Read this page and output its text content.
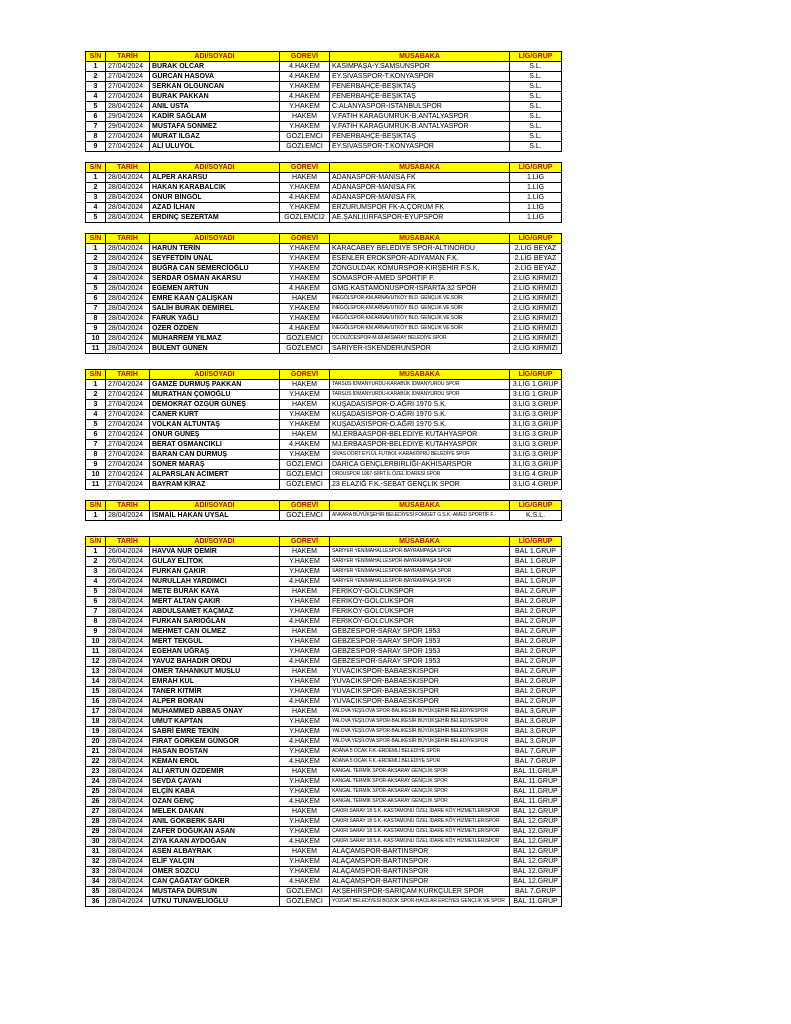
S/N	TARİH	ADI/SOYADI	GÖREVİ	MÜSABAKA	LİG/GRUP
1	27/04/2024	BURAK OLCAR	4.HAKEM	KASIMPAŞA-Y.SAMSUNSPOR	S.L.
2	27/04/2024	GÜRCAN HASOVA	4.HAKEM	EY.SİVASSPOR-T.KONYASPOR	S.L.
3	27/04/2024	SERKAN OLGUNCAN	Y.HAKEM	FENERBAHÇE-BEŞİKTAŞ	S.L.
4	27/04/2024	BURAK PAKKAN	4.HAKEM	FENERBAHÇE-BEŞİKTAŞ	S.L.
5	28/04/2024	ANIL USTA	Y.HAKEM	C.ALANYASPOR-İSTANBULSPOR	S.L.
6	29/04/2024	KADİR SAĞLAM	HAKEM	V.FATİH KARAGÜMRÜK-B.ANTALYASPOR	S.L.
7	29/04/2024	MUSTAFA SÖNMEZ	Y.HAKEM	V.FATİH KARAGÜMRÜK-B.ANTALYASPOR	S.L.
8	27/04/2024	MURAT ILGAZ	GÖZLEMCİ	FENERBAHÇE-BEŞİKTAŞ	S.L.
9	27/04/2024	ALİ ULUYOL	GÖZLEMCİ	EY.SİVASSPOR-T.KONYASPOR	S.L.
S/N	TARİH	ADI/SOYADI	GÖREVİ	MÜSABAKA	LİG/GRUP
1	28/04/2024	ALPER AKARSU	HAKEM	ADANASPOR-MANİSA FK	1.LİG
2	28/04/2024	HAKAN KARABALCIK	Y.HAKEM	ADANASPOR-MANİSA FK	1.LİG
3	28/04/2024	ONUR BİNGÖL	4.HAKEM	ADANASPOR-MANİSA FK	1.LİG
4	28/04/2024	AZAD İLHAN	Y.HAKEM	ERZURUMSPOR FK-A.ÇORUM FK	1.LİG
5	28/04/2024	ERDİNÇ SEZERTAM	GÖZLEMCİ2	AE.ŞANLIURFASPOR-EYÜPSPOR	1.LİG
S/N	TARİH	ADI/SOYADI	GÖREVİ	MÜSABAKA	LİG/GRUP
1	28/04/2024	HARUN TERİN	Y.HAKEM	KARACABEY BELEDİYE SPOR-ALTINORDU	2.LİG BEYAZ
2	28/04/2024	SEYFETDİN ÜNAL	Y.HAKEM	ESENLER EROKSPOR-ADIYAMAN F.K.	2.LİG BEYAZ
3	28/04/2024	BUĞRA CAN SEMERCİOĞLU	Y.HAKEM	ZONGULDAK KÖMÜRSPOR-KIRŞEHİR F.S.K.	2.LİG BEYAZ
4	28/04/2024	SERDAR OSMAN AKARSU	Y.HAKEM	SOMASPOR-AMED SPORTİF F.	2.LİG KIRMIZI
5	28/04/2024	EGEMEN ARTUN	4.HAKEM	GMG.KASTAMONUSPOR-ISPARTA 32 SPOR	2.LİG KIRMIZI
6	28/04/2024	EMRE KAAN ÇALIŞKAN	HAKEM	İNEGÖLSPOR-KM.ARNAVUTKÖY BLD. GENÇLİK VE SOİR	2.LİG KIRMIZI
7	28/04/2024	SALİH BURAK DEMİREL	Y.HAKEM	İNEGÖLSPOR-KM.ARNAVUTKÖY BLD. GENÇLİK VE SOİR	2.LİG KIRMIZI
8	28/04/2024	FARUK YAĞLI	Y.HAKEM	İNEGÖLSPOR-KM.ARNAVUTKÖY BLD. GENÇLİK VE SOİR	2.LİG KIRMIZI
9	28/04/2024	ÖZER ÖZDEN	4.HAKEM	İNEGÖLSPOR-KM.ARNAVUTKÖY BLD. GENÇLİK VE SOİR	2.LİG KIRMIZI
10	28/04/2024	MUHARREM YILMAZ	GÖZLEMCİ	DC.DÜZCESPOR-M.68 AKSARAY BELEDİYE SPOR	2.LİG KIRMIZI
11	28/04/2024	BÜLENT GÜNEN	GÖZLEMCİ	SARIYER-İSKENDERUNSPOR	2.LİG KIRMIZI
S/N	TARİH	ADI/SOYADI	GÖREVİ	MÜSABAKA	LİG/GRUP
1	27/04/2024	GAMZE DURMUŞ PAKKAN	HAKEM	TARSUS İDMANYURDU-KARABÜK İDMANYURDU SPOR	3.LİG 1.GRUP
2	27/04/2024	MURATHAN ÇOMOĞLU	Y.HAKEM	TARSUS İDMANYURDU-KARABÜK İDMANYURDU SPOR	3.LİG 1.GRUP
3	27/04/2024	DEMOKRAT ÖZGÜR GÜNEŞ	HAKEM	KUŞADASISPOR-O.AĞRI 1970 S.K.	3.LİG 3.GRUP
4	27/04/2024	CANER KURT	Y.HAKEM	KUŞADASISPOR-O.AĞRI 1970 S.K.	3.LİG 3.GRUP
5	27/04/2024	VOLKAN ALTUNTAŞ	Y.HAKEM	KUŞADASISPOR-O.AĞRI 1970 S.K.	3.LİG 3.GRUP
6	27/04/2024	ONUR GÜNEŞ	HAKEM	MJ.ERBAASPOR-BELEDİYE KÜTAHYASPOR	3.LİG 3.GRUP
7	27/04/2024	BERAT OSMANCIKLI	4.HAKEM	MJ.ERBAASPOR-BELEDİYE KÜTAHYASPOR	3.LİG 3.GRUP
8	27/04/2024	BARAN CAN DURMUŞ	Y.HAKEM	SİVAS DÖRT EYLÜL FUTBOL-KARAKÖPRÜ BELEDİYE SPOR	3.LİG 3.GRUP
9	27/04/2024	SONER MARAŞ	GÖZLEMCİ	DARICA GENÇLERBİRLİĞİ-AKHİSARSPOR	3.LİG 3.GRUP
10	27/04/2024	ALPARSLAN ACIMERT	GÖZLEMCİ	ORDUSPOR 1967-SİİRT İL ÖZEL İDARESİ SPOR	3.LİG 4.GRUP
11	27/04/2024	BAYRAM KİRAZ	GÖZLEMCİ	23 ELAZIĞ F.K.-SEBAT GENÇLİK SPOR	3.LİG 4.GRUP
S/N	TARİH	ADI/SOYADI	GÖREVİ	MÜSABAKA	LİG/GRUP
1	28/04/2024	İSMAİL HAKAN UYSAL	GÖZLEMCİ	ANKARA BÜYÜKŞEHİR BELEDİYESİ FOMGET G.S.K.-AMED SPORTİF F.	K.S.L.
S/N	TARİH	ADI/SOYADI	GÖREVİ	MÜSABAKA	LİG/GRUP
1	26/04/2024	HAVVA NUR DEMİR	HAKEM	SARIYER YENİMAHALLESPOR-BAYRAMPAŞA SPOR	BAL 1.GRUP
2	26/04/2024	GÜLAY ELİTOK	Y.HAKEM	SARIYER YENİMAHALLESPOR-BAYRAMPAŞA SPOR	BAL 1.GRUP
3	26/04/2024	FURKAN ÇAKIR	Y.HAKEM	SARIYER YENİMAHALLESPOR-BAYRAMPAŞA SPOR	BAL 1.GRUP
4	26/04/2024	NURULLAH YARDIMCI	4.HAKEM	SARIYER YENİMAHALLESPOR-BAYRAMPAŞA SPOR	BAL 1.GRUP
5	28/04/2024	METE BURAK KAYA	HAKEM	FERİKÖY-GÖLCÜKSPOR	BAL 2.GRUP
6	28/04/2024	MERT ALTAN ÇAKIR	Y.HAKEM	FERİKÖY-GÖLCÜKSPOR	BAL 2.GRUP
7	28/04/2024	ABDULSAMET KAÇMAZ	Y.HAKEM	FERİKÖY-GÖLCÜKSPOR	BAL 2.GRUP
8	28/04/2024	FURKAN SARIOĞLAN	4.HAKEM	FERİKÖY-GÖLCÜKSPOR	BAL 2.GRUP
9	28/04/2024	MEHMET CAN ÖLMEZ	HAKEM	GEBZESPOR-SARAY SPOR 1953	BAL 2.GRUP
10	28/04/2024	MERT TEKGÜL	Y.HAKEM	GEBZESPOR-SARAY SPOR 1953	BAL 2.GRUP
11	28/04/2024	EGEHAN UĞRAŞ	Y.HAKEM	GEBZESPOR-SARAY SPOR 1953	BAL 2.GRUP
12	28/04/2024	YAVUZ BAHADIR ORDU	4.HAKEM	GEBZESPOR-SARAY SPOR 1953	BAL 2.GRUP
13	28/04/2024	ÖMER TAHANKUT MUSLU	HAKEM	YUVACIKSPOR-BABAESKİSPOR	BAL 2.GRUP
14	28/04/2024	EMRAH KUL	Y.HAKEM	YUVACIKSPOR-BABAESKİSPOR	BAL 2.GRUP
15	28/04/2024	TANER KITMİR	Y.HAKEM	YUVACIKSPOR-BABAESKİSPOR	BAL 2.GRUP
16	28/04/2024	ALPER BORAN	4.HAKEM	YUVACIKSPOR-BABAESKİSPOR	BAL 2.GRUP
17	28/04/2024	MUHAMMED ABBAS ONAY	HAKEM	YALOVA YEŞİLOVA SPOR-BALIKESİR BÜYÜKŞEHİR BELEDİYESPOR	BAL 3.GRUP
18	28/04/2024	UMUT KAPTAN	Y.HAKEM	YALOVA YEŞİLOVA SPOR-BALIKESİR BÜYÜKŞEHİR BELEDİYESPOR	BAL 3.GRUP
19	28/04/2024	SABRİ EMRE TEKİN	Y.HAKEM	YALOVA YEŞİLOVA SPOR-BALIKESİR BÜYÜKŞEHİR BELEDİYESPOR	BAL 3.GRUP
20	28/04/2024	FIRAT GÖRKEM GÜNGÖR	4.HAKEM	YALOVA YEŞİLOVA SPOR-BALIKESİR BÜYÜKŞEHİR BELEDİYESPOR	BAL 3.GRUP
21	28/04/2024	HASAN BOSTAN	Y.HAKEM	ADANA 5 OCAK F.K.-ERDEMLİ BELEDİYE SPOR	BAL 7.GRUP
22	28/04/2024	KEMAN EROL	4.HAKEM	ADANA 5 OCAK F.K.-ERDEMLİ BELEDİYE SPOR	BAL 7.GRUP
23	28/04/2024	ALİ ARTUN ÖZDEMİR	HAKEM	KANGAL TERMİK SPOR-AKSARAY GENÇLİK SPOR	BAL 11.GRUP
24	28/04/2024	SEVDA ÇAYAN	Y.HAKEM	KANGAL TERMİK SPOR-AKSARAY GENÇLİK SPOR	BAL 11.GRUP
25	28/04/2024	ELÇİN KABA	Y.HAKEM	KANGAL TERMİK SPOR-AKSARAY GENÇLİK SPOR	BAL 11.GRUP
26	28/04/2024	OZAN GENÇ	4.HAKEM	KANGAL TERMİK SPOR-AKSARAY GENÇLİK SPOR	BAL 11.GRUP
27	28/04/2024	MELEK DAKAN	HAKEM	ÇAKIRI SARAY 18 S.K.-KASTAMONU ÖZEL İDARE KÖY HİZMETLERİSPOR	BAL 12.GRUP
28	28/04/2024	ANIL GÖKBERK SARI	Y.HAKEM	ÇAKIRI SARAY 18 S.K.-KASTAMONU ÖZEL İDARE KÖY HİZMETLERİSPOR	BAL 12.GRUP
29	28/04/2024	ZAFER DOĞUKAN ASAN	Y.HAKEM	ÇAKIRI SARAY 18 S.K.-KASTAMONU ÖZEL İDARE KÖY HİZMETLERİSPOR	BAL 12.GRUP
30	28/04/2024	ZİYA KAAN AYDOĞAN	4.HAKEM	ÇAKIRI SARAY 18 S.K.-KASTAMONU ÖZEL İDARE KÖY HİZMETLERİSPOR	BAL 12.GRUP
31	28/04/2024	ASEN ALBAYRAK	HAKEM	ALAÇAMSPOR-BARTINSPOR	BAL 12.GRUP
32	28/04/2024	ELİF YALÇIN	Y.HAKEM	ALAÇAMSPOR-BARTINSPOR	BAL 12.GRUP
33	28/04/2024	ÖMER SÖZCÜ	Y.HAKEM	ALAÇAMSPOR-BARTINSPOR	BAL 12.GRUP
34	28/04/2024	CAN ÇAĞATAY GÖKER	4.HAKEM	ALAÇAMSPOR-BARTINSPOR	BAL 12.GRUP
35	28/04/2024	MUSTAFA DURSUN	GÖZLEMCİ	AKŞEHİRSPOR-SARIÇAM KÜRKÇÜLER SPOR	BAL 7.GRUP
36	28/04/2024	UTKU TUNAVELİOĞLU	GÖZLEMCİ	YOZGAT BELEDİYESİ BOZOK SPOR-HACILAR ERCİYES GENÇLİK VE SPOR	BAL 11.GRUP
